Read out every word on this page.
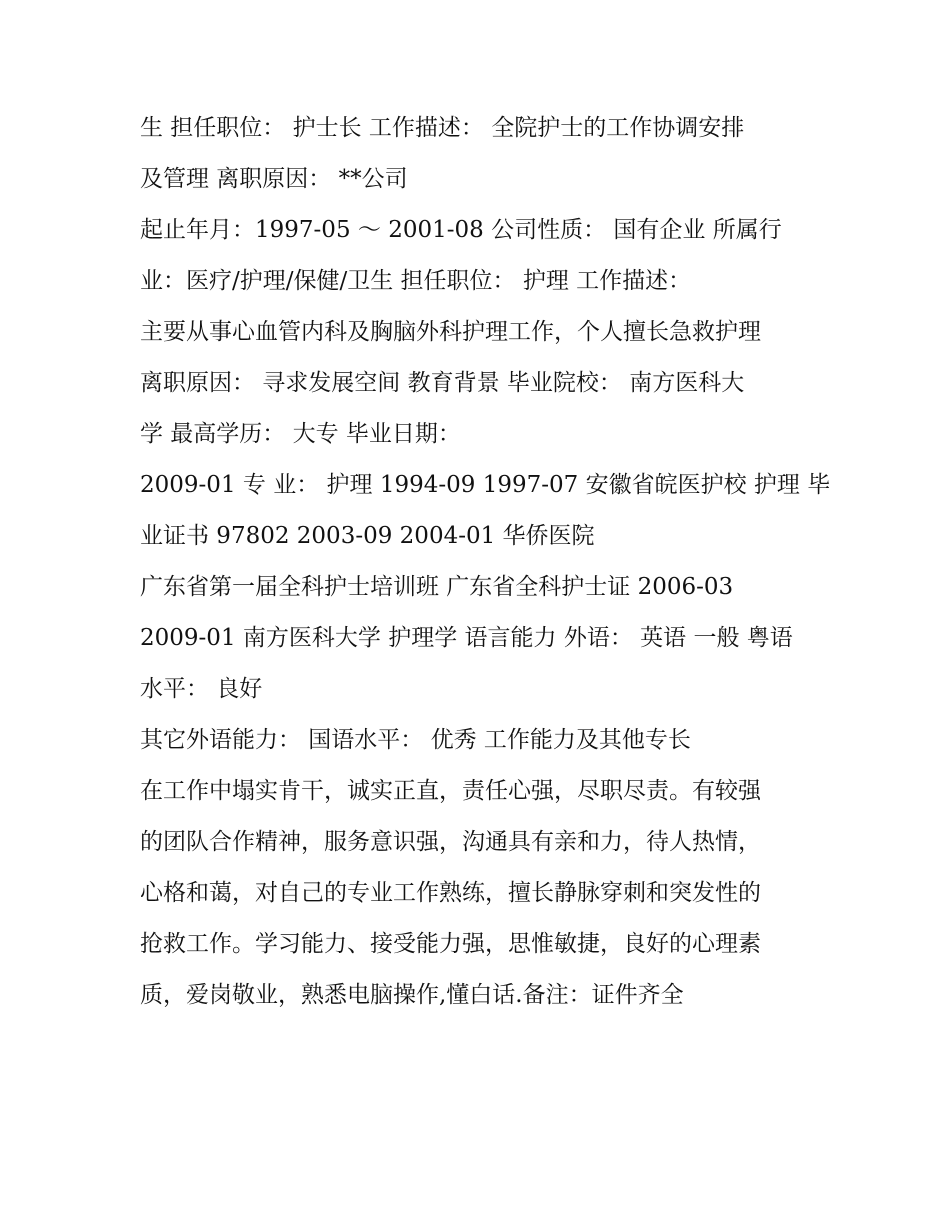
生 担任职位： 护士长 工作描述： 全院护士的工作协调安排
及管理 离职原因： **公司
起止年月：1997-05 ～ 2001-08 公司性质： 国有企业 所属行
业：医疗/护理/保健/卫生 担任职位： 护理 工作描述：
主要从事心血管内科及胸脑外科护理工作，个人擅长急救护理
离职原因： 寻求发展空间 教育背景 毕业院校： 南方医科大
学 最高学历： 大专 毕业日期：
2009-01 专 业： 护理 1994-09 1997-07 安徽省皖医护校 护理 毕
业证书 97802 2003-09 2004-01 华侨医院
广东省第一届全科护士培训班 广东省全科护士证 2006-03
2009-01 南方医科大学 护理学 语言能力 外语： 英语 一般 粤语
水平： 良好
其它外语能力： 国语水平： 优秀 工作能力及其他专长
在工作中塌实肯干，诚实正直，责任心强，尽职尽责。有较强
的团队合作精神，服务意识强，沟通具有亲和力，待人热情，
心格和蔼，对自己的专业工作熟练，擅长静脉穿刺和突发性的
抢救工作。学习能力、接受能力强，思惟敏捷，良好的心理素
质，爱岗敬业，熟悉电脑操作,懂白话.备注：证件齐全
